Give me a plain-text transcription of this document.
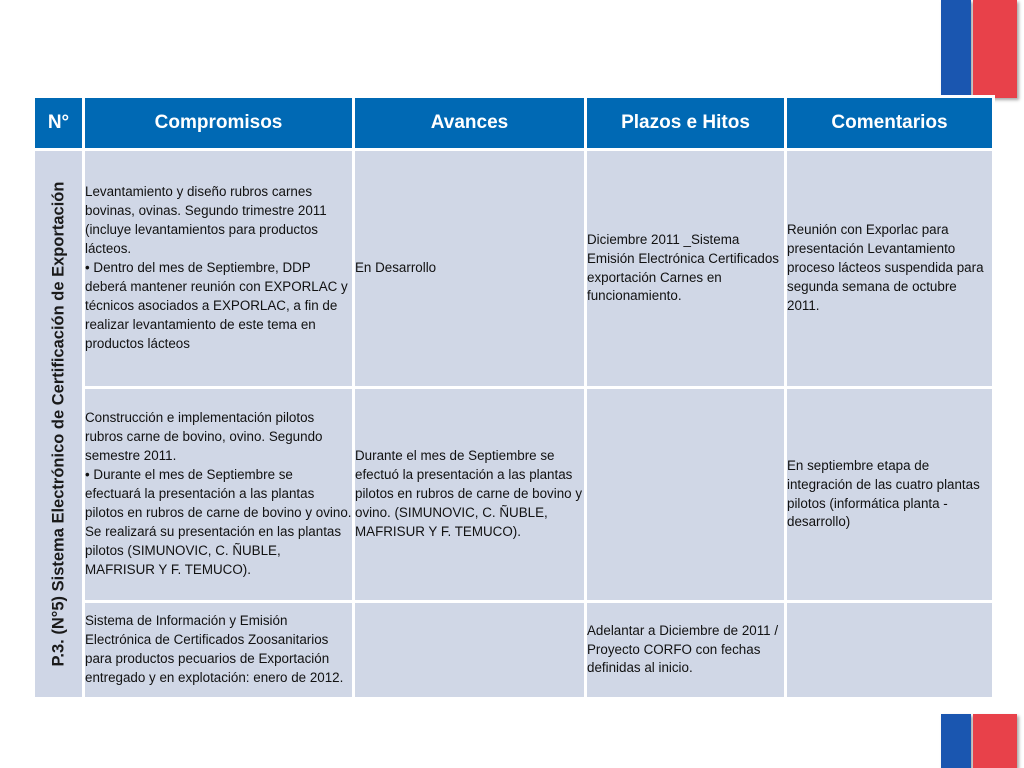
N°	Compromisos	Avances	Plazos e Hitos	Comentarios

P.3. (N°5) Sistema Electrónico de Certificación de Exportación	Levantamiento y diseño rubros carnes bovinas, ovinas. Segundo trimestre 2011 (incluye levantamientos para productos lácteos.
• Dentro del mes de Septiembre, DDP deberá mantener reunión con EXPORLAC y técnicos asociados a EXPORLAC, a fin de realizar levantamiento de este tema en productos lácteos	En Desarrollo	Diciembre 2011 _Sistema Emisión Electrónica Certificados exportación Carnes en funcionamiento.	Reunión con Exporlac para presentación Levantamiento proceso lácteos suspendida para segunda semana de octubre 2011.

	Construcción e implementación pilotos rubros carne de bovino, ovino. Segundo semestre 2011.
• Durante el mes de Septiembre se efectuará la presentación a las plantas pilotos en rubros de carne de bovino y ovino. Se realizará su presentación en las plantas pilotos (SIMUNOVIC, C. ÑUBLE, MAFRISUR Y F. TEMUCO).	Durante el mes de Septiembre se efectuó la presentación a las plantas pilotos en rubros de carne de bovino y ovino. (SIMUNOVIC, C. ÑUBLE, MAFRISUR Y F. TEMUCO).		En septiembre etapa de integración de las cuatro plantas pilotos (informática planta - desarrollo)

	Sistema de Información y Emisión Electrónica de Certificados Zoosanitarios para productos pecuarios de Exportación entregado y en explotación: enero de 2012.		Adelantar a Diciembre de 2011 / Proyecto CORFO con fechas definidas al inicio.	
